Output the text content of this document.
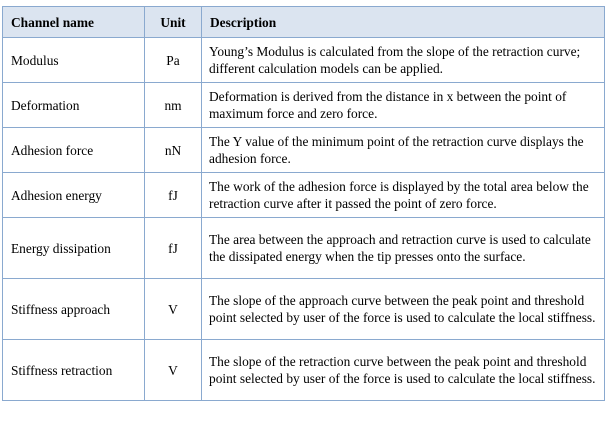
Channel name	Unit	Description
Modulus	Pa	Young’s Modulus is calculated from the slope of the retraction curve; different calculation models can be applied.
Deformation	nm	Deformation is derived from the distance in x between the point of maximum force and zero force.
Adhesion force	nN	The Y value of the minimum point of the retraction curve displays the adhesion force.
Adhesion energy	fJ	The work of the adhesion force is displayed by the total area below the retraction curve after it passed the point of zero force.
Energy dissipation	fJ	The area between the approach and retraction curve is used to calculate the dissipated energy when the tip presses onto the surface.
Stiffness approach	V	The slope of the approach curve between the peak point and threshold point selected by user of the force is used to calculate the local stiffness.
Stiffness retraction	V	The slope of the retraction curve between the peak point and threshold point selected by user of the force is used to calculate the local stiffness.
